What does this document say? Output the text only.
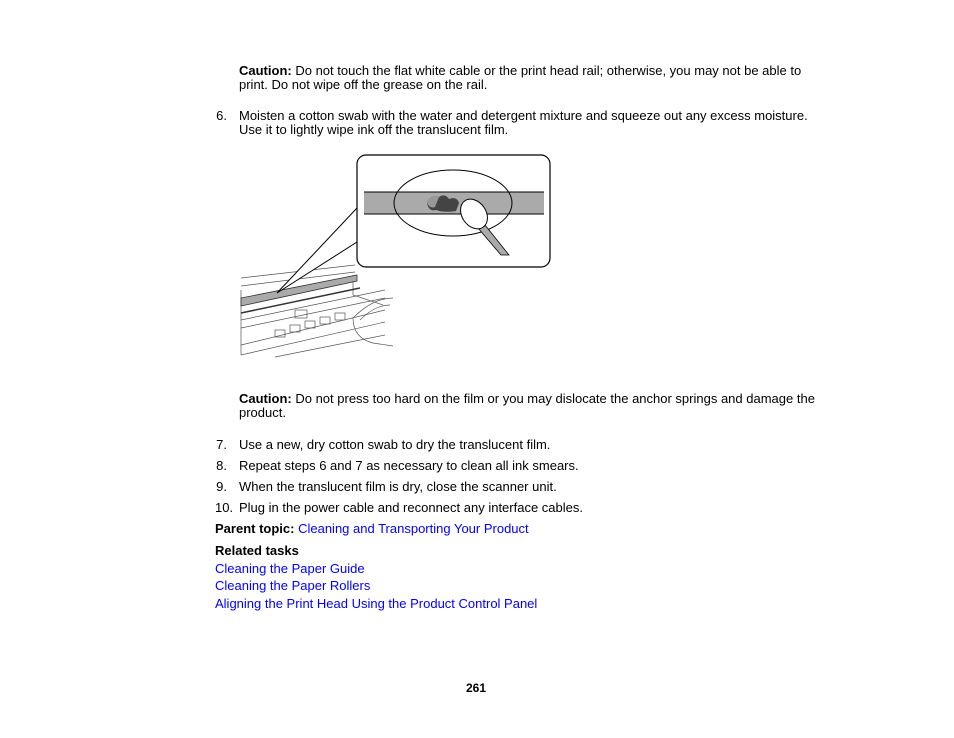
Caution: Do not touch the flat white cable or the print head rail; otherwise, you may not be able to
print. Do not wipe off the grease on the rail.
6. Moisten a cotton swab with the water and detergent mixture and squeeze out any excess moisture.
Use it to lightly wipe ink off the translucent film.
Caution: Do not press too hard on the film or you may dislocate the anchor springs and damage the
product.
7. Use a new, dry cotton swab to dry the translucent film.
8. Repeat steps 6 and 7 as necessary to clean all ink smears.
9. When the translucent film is dry, close the scanner unit.
10. Plug in the power cable and reconnect any interface cables.
Parent topic: Cleaning and Transporting Your Product
Related tasks
Cleaning the Paper Guide
Cleaning the Paper Rollers
Aligning the Print Head Using the Product Control Panel
261
